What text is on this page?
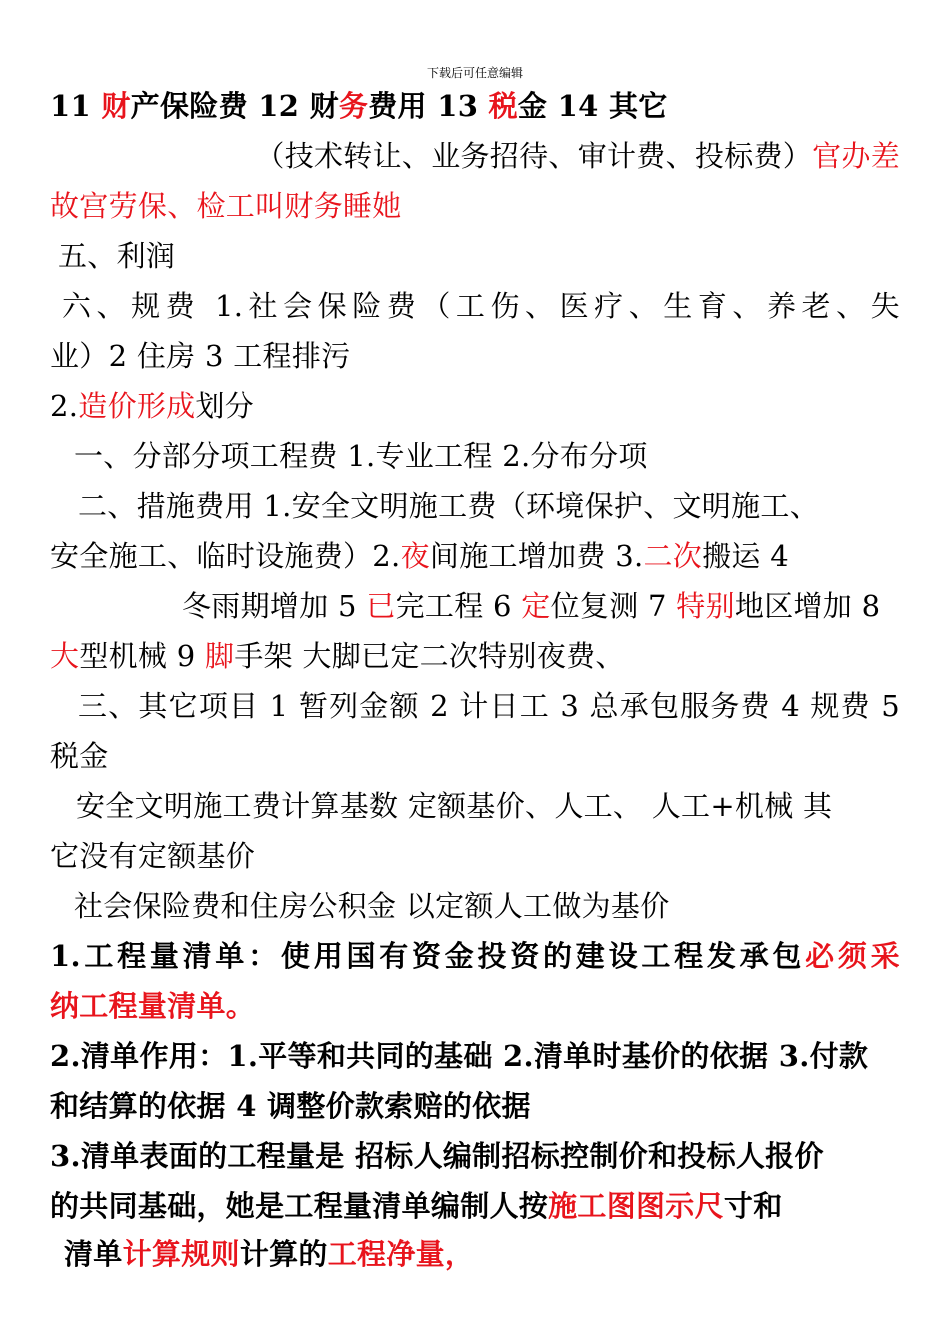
下载后可任意编辑
11 财产保险费 12 财务费用 13 税金 14 其它
（技术转让、业务招待、审计费、投标费）官办差
故宫劳保、检工叫财务睡她
五、利润
六、规费 1.社会保险费（工伤、医疗、生育、养老、失
业）2 住房 3 工程排污
2.造价形成划分
一、分部分项工程费 1.专业工程 2.分布分项
二、措施费用 1.安全文明施工费（环境保护、文明施工、
安全施工、临时设施费）2.夜间施工增加费 3.二次搬运 4
冬雨期增加 5 已完工程 6 定位复测 7 特别地区增加 8
大型机械 9 脚手架 大脚已定二次特别夜费、
三、其它项目 1 暂列金额 2 计日工 3 总承包服务费 4 规费 5
税金
安全文明施工费计算基数 定额基价、人工、 人工+机械 其
它没有定额基价
社会保险费和住房公积金 以定额人工做为基价
1.工程量清单：使用国有资金投资的建设工程发承包必须采
纳工程量清单。
2.清单作用：1.平等和共同的基础 2.清单时基价的依据 3.付款
和结算的依据 4 调整价款索赔的依据
3.清单表面的工程量是 招标人编制招标控制价和投标人报价
的共同基础，她是工程量清单编制人按施工图图示尺寸和
清单计算规则计算的工程净量，
